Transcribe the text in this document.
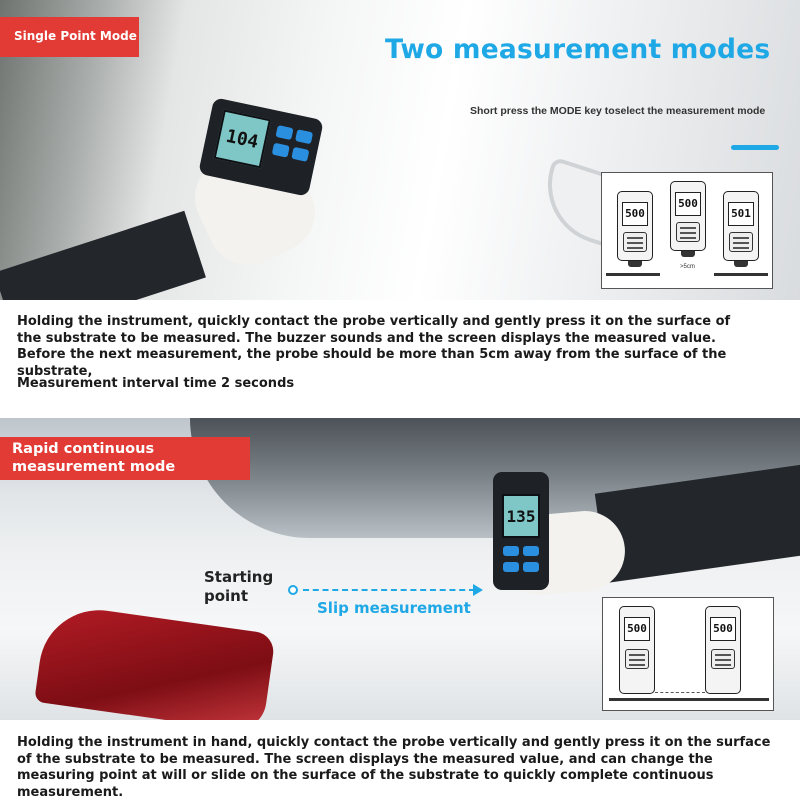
104
Single Point Mode	Two measurement modes
Short press the MODE key toselect the measurement mode
500
500
>5cm
501
Holding the instrument, quickly contact the probe vertically and gently press it on the surface of the substrate to be measured. The buzzer sounds and the screen displays the measured value. Before the next measurement, the probe should be more than 5cm away from the surface of the substrate,
Measurement interval time 2 seconds
135
Rapid continuous measurement mode
Starting point
Slip measurement
500	500
Holding the instrument in hand, quickly contact the probe vertically and gently press it on the surface of the substrate to be measured. The screen displays the measured value, and can change the measuring point at will or slide on the surface of the substrate to quickly complete continuous measurement.
